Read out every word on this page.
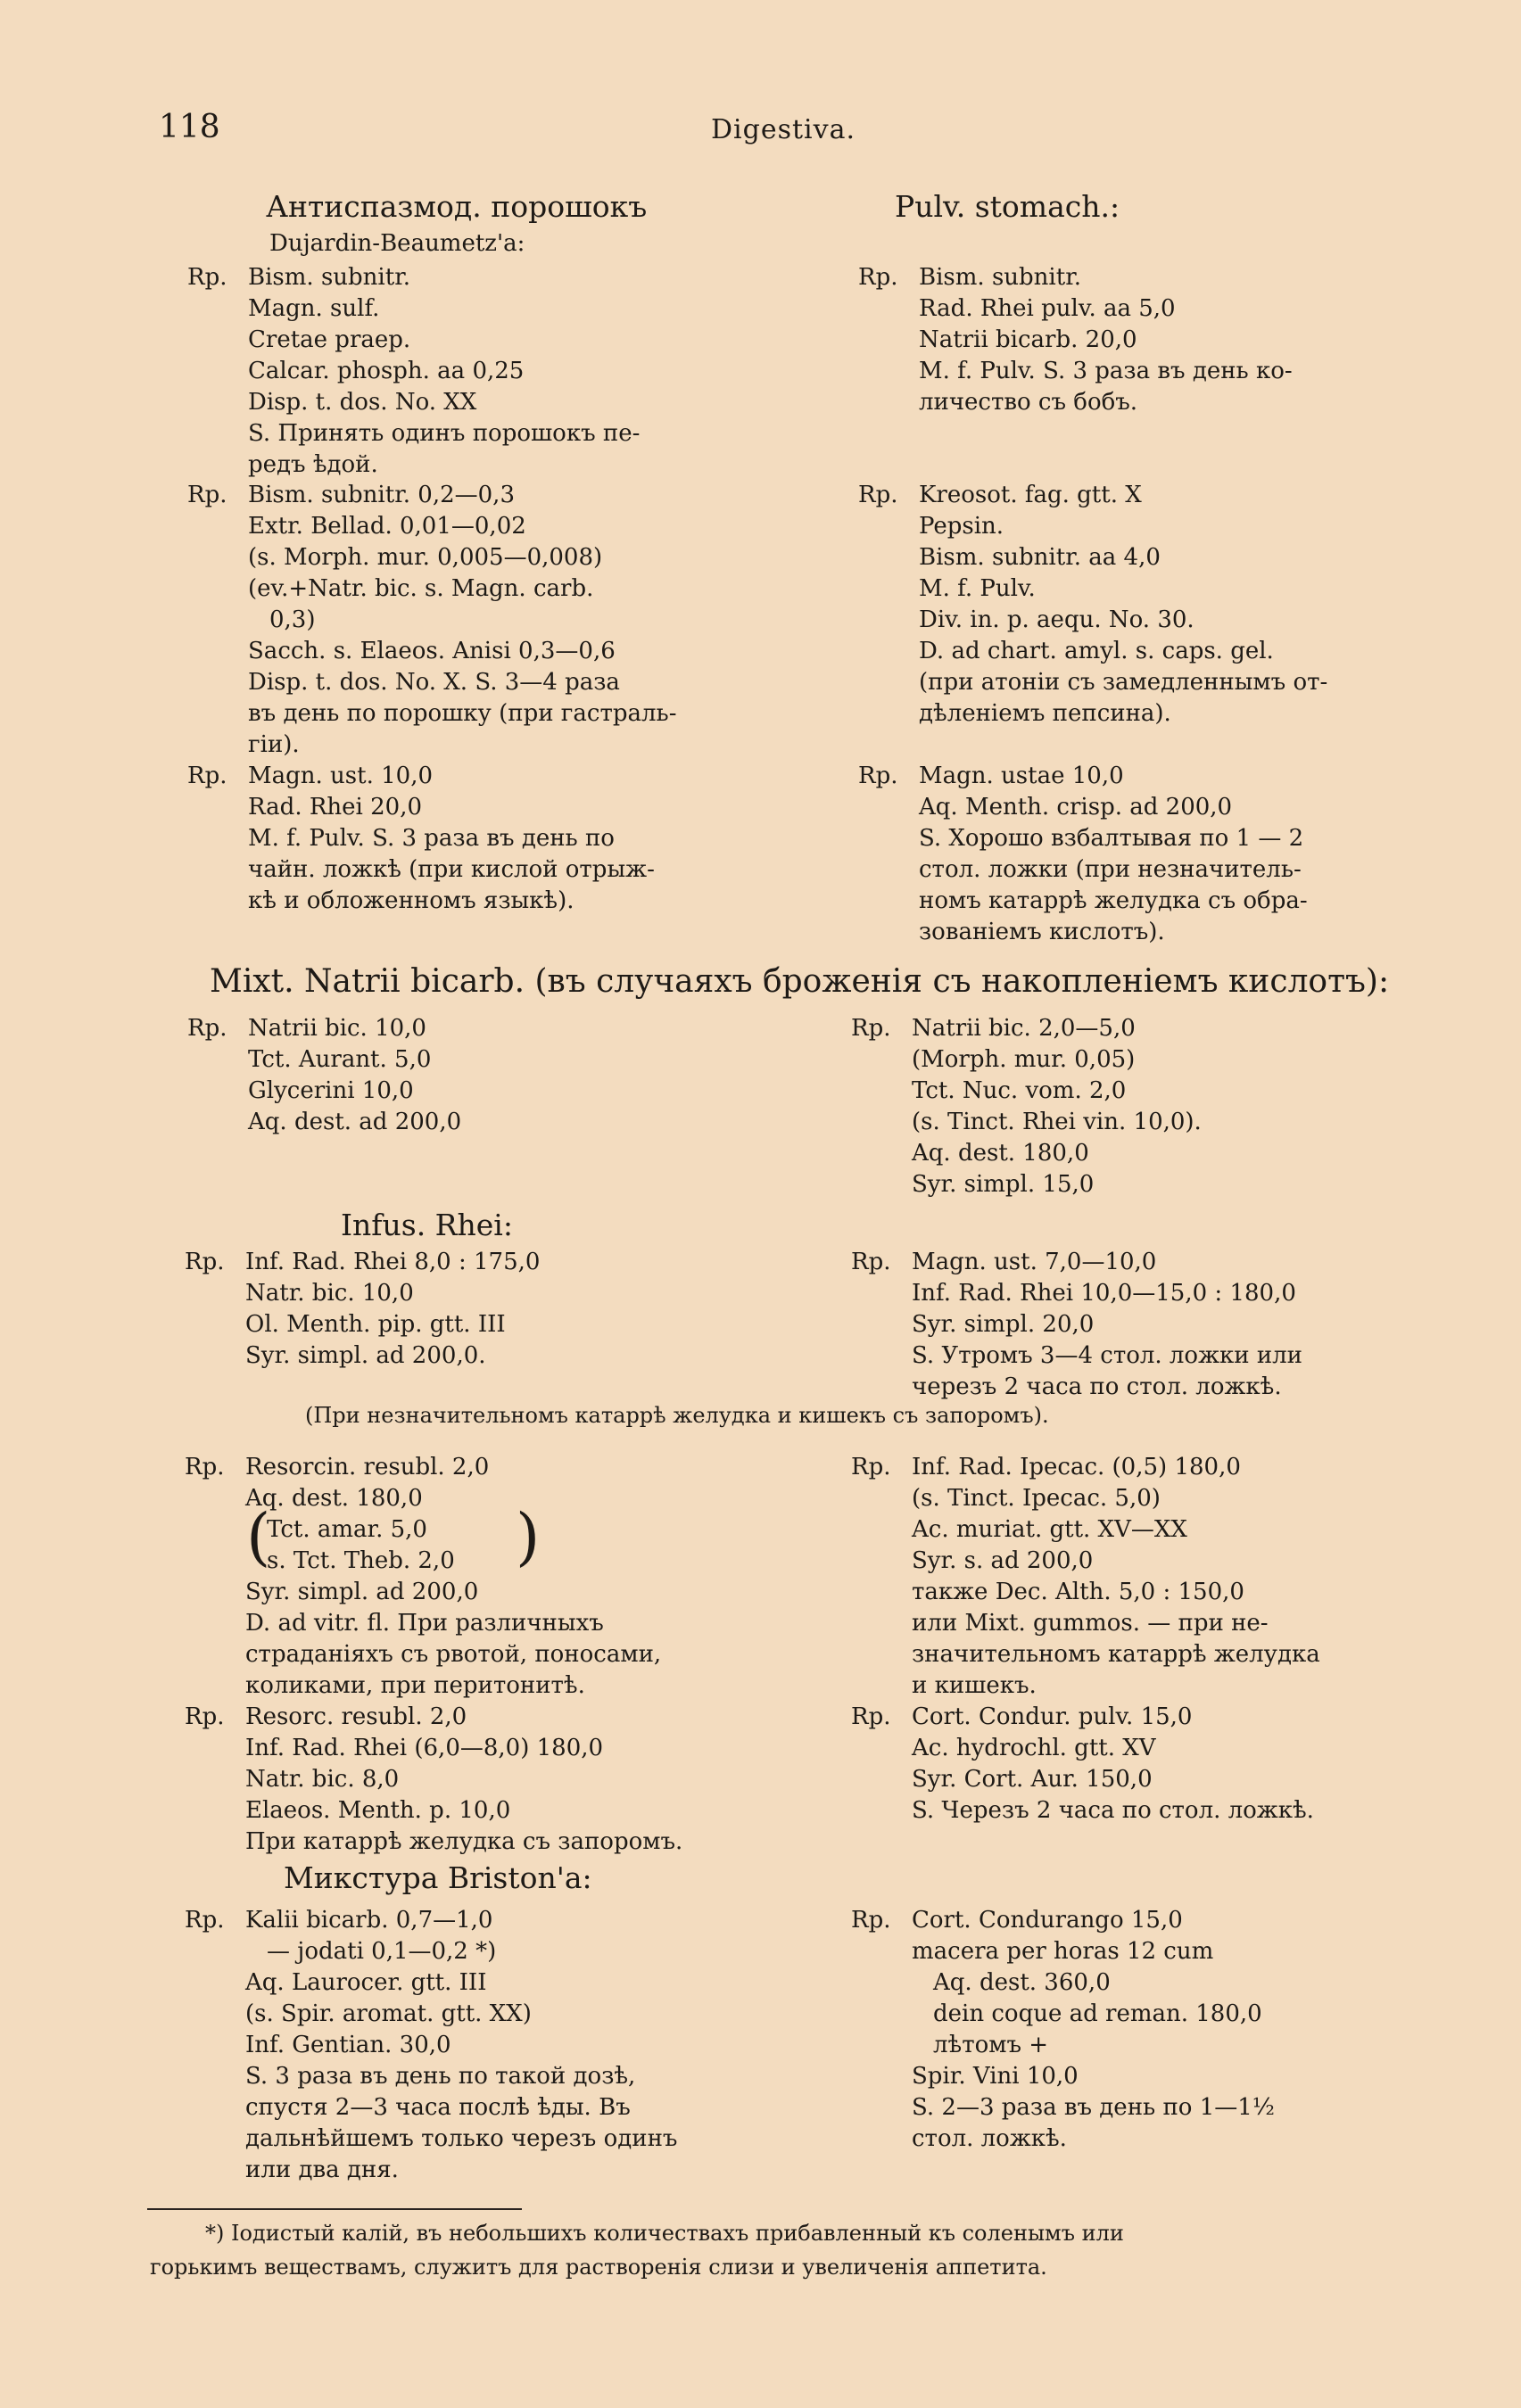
118	Digestiva.
Антиспазмод. порошокъ
Dujardin-Beaumetz'a:
Rp. Bism. subnitr.
Magn. sulf.
Cretae praep.
Calcar. phosph. aa 0,25
Disp. t. dos. No. XX
S. Принять одинъ порошокъ пе-
редъ ѣдой.
Rp. Bism. subnitr. 0,2—0,3
Extr. Bellad. 0,01—0,02
(s. Morph. mur. 0,005—0,008)
(ev.+Natr. bic. s. Magn. carb.
0,3)
Sacch. s. Elaeos. Anisi 0,3—0,6
Disp. t. dos. No. X. S. 3—4 раза
въ день по порошку (при гастраль-
гіи).
Rp. Magn. ust. 10,0
Rad. Rhei 20,0
M. f. Pulv. S. 3 раза въ день по
чайн. ложкѣ (при кислой отрыж-
кѣ и обложенномъ языкѣ).
Pulv. stomach.:
Rp. Bism. subnitr.
Rad. Rhei pulv. aa 5,0
Natrii bicarb. 20,0
M. f. Pulv. S. 3 раза въ день ко-
личество съ бобъ.
Rp. Kreosot. fag. gtt. X
Pepsin.
Bism. subnitr. aa 4,0
M. f. Pulv.
Div. in. p. aequ. No. 30.
D. ad chart. amyl. s. caps. gel.
(при атоніи съ замедленнымъ от-
дѣленіемъ пепсина).
Rp. Magn. ustae 10,0
Aq. Menth. crisp. ad 200,0
S. Хорошо взбалтывая по 1 — 2
стол. ложки (при незначитель-
номъ катаррѣ желудка съ обра-
зованіемъ кислотъ).
Mixt. Natrii bicarb. (въ случаяхъ броженія съ накопленіемъ кислотъ):
Rp. Natrii bic. 10,0
Tct. Aurant. 5,0
Glycerini 10,0
Aq. dest. ad 200,0
Rp. Natrii bic. 2,0—5,0
(Morph. mur. 0,05)
Tct. Nuc. vom. 2,0
(s. Tinct. Rhei vin. 10,0).
Aq. dest. 180,0
Syr. simpl. 15,0
Infus. Rhei:
Rp. Inf. Rad. Rhei 8,0 : 175,0
Natr. bic. 10,0
Ol. Menth. pip. gtt. III
Syr. simpl. ad 200,0.
Rp. Magn. ust. 7,0—10,0
Inf. Rad. Rhei 10,0—15,0 : 180,0
Syr. simpl. 20,0
S. Утромъ 3—4 стол. ложки или
черезъ 2 часа по стол. ложкѣ.
(При незначительномъ катаррѣ желудка и кишекъ съ запоромъ).
Rp. Resorcin. resubl. 2,0
Aq. dest. 180,0
Tct. amar. 5,0
s. Tct. Theb. 2,0
Syr. simpl. ad 200,0
D. ad vitr. fl. При различныхъ
страданіяхъ съ рвотой, поносами,
коликами, при перитонитѣ.
(	)
Rp. Resorc. resubl. 2,0
Inf. Rad. Rhei (6,0—8,0) 180,0
Natr. bic. 8,0
Elaeos. Menth. p. 10,0
При катаррѣ желудка съ запоромъ.
Rp. Inf. Rad. Ipecac. (0,5) 180,0
(s. Tinct. Ipecac. 5,0)
Ac. muriat. gtt. XV—XX
Syr. s. ad 200,0
также Dec. Alth. 5,0 : 150,0
или Mixt. gummos. — при не-
значительномъ катаррѣ желудка
и кишекъ.
Rp. Cort. Condur. pulv. 15,0
Ac. hydrochl. gtt. XV
Syr. Cort. Aur. 150,0
S. Черезъ 2 часа по стол. ложкѣ.
Микстура Briston'a:
Rp. Kalii bicarb. 0,7—1,0
— jodati 0,1—0,2 *)
Aq. Laurocer. gtt. III
(s. Spir. aromat. gtt. XX)
Inf. Gentian. 30,0
S. 3 раза въ день по такой дозѣ,
спустя 2—3 часа послѣ ѣды. Въ
дальнѣйшемъ только черезъ одинъ
или два дня.
Rp. Cort. Condurango 15,0
macera per horas 12 cum
Aq. dest. 360,0
dein coque ad reman. 180,0
лѣтомъ +
Spir. Vini 10,0
S. 2—3 раза въ день по 1—1½
стол. ложкѣ.
*) Іодистый калій, въ небольшихъ количествахъ прибавленный къ соленымъ или
горькимъ веществамъ, служитъ для растворенія слизи и увеличенія аппетита.
